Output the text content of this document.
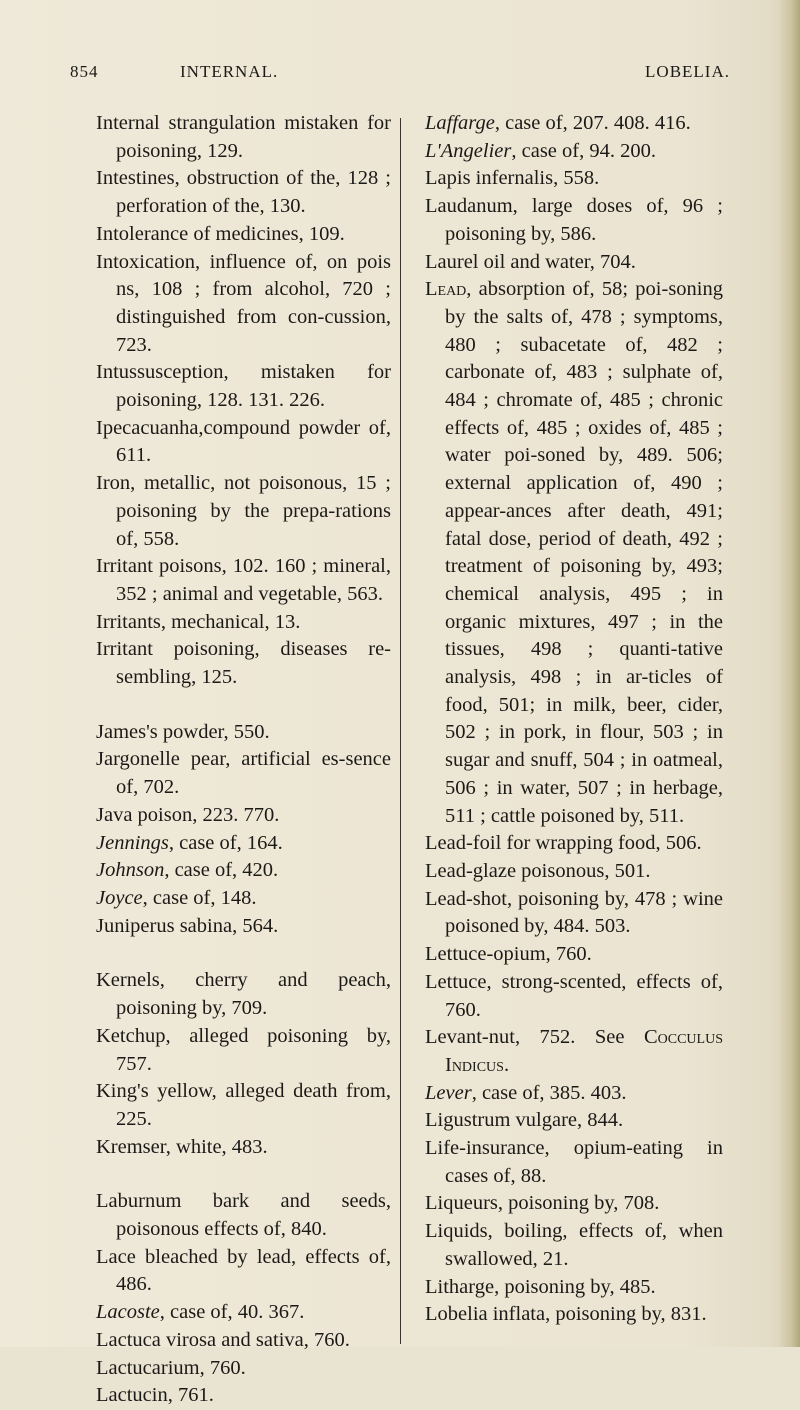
854	INTERNAL.	LOBELIA.
Internal strangulation mistaken for poisoning, 129.
Intestines, obstruction of the, 128 ; perforation of the, 130.
Intolerance of medicines, 109.
Intoxication, influence of, on pois ns, 108 ; from alcohol, 720 ; distinguished from con-cussion, 723.
Intussusception, mistaken for poisoning, 128. 131. 226.
Ipecacuanha,compound powder of, 611.
Iron, metallic, not poisonous, 15 ; poisoning by the prepa-rations of, 558.
Irritant poisons, 102. 160 ; mineral, 352 ; animal and vegetable, 563.
Irritants, mechanical, 13.
Irritant poisoning, diseases re-sembling, 125.
James's powder, 550.
Jargonelle pear, artificial es-sence of, 702.
Java poison, 223. 770.
Jennings, case of, 164.
Johnson, case of, 420.
Joyce, case of, 148.
Juniperus sabina, 564.
Kernels, cherry and peach, poisoning by, 709.
Ketchup, alleged poisoning by, 757.
King's yellow, alleged death from, 225.
Kremser, white, 483.
Laburnum bark and seeds, poisonous effects of, 840.
Lace bleached by lead, effects of, 486.
Lacoste, case of, 40. 367.
Lactuca virosa and sativa, 760.
Lactucarium, 760.
Lactucin, 761.
Laffarge, case of, 207. 408. 416.
L'Angelier, case of, 94. 200.
Lapis infernalis, 558.
Laudanum, large doses of, 96 ; poisoning by, 586.
Laurel oil and water, 704.
Lead, absorption of, 58; poi-soning by the salts of, 478 ; symptoms, 480 ; subacetate of, 482 ; carbonate of, 483 ; sulphate of, 484 ; chromate of, 485 ; chronic effects of, 485 ; oxides of, 485 ; water poi-soned by, 489. 506; external application of, 490 ; appear-ances after death, 491; fatal dose, period of death, 492 ; treatment of poisoning by, 493; chemical analysis, 495 ; in organic mixtures, 497 ; in the tissues, 498 ; quanti-tative analysis, 498 ; in ar-ticles of food, 501; in milk, beer, cider, 502 ; in pork, in flour, 503 ; in sugar and snuff, 504 ; in oatmeal, 506 ; in water, 507 ; in herbage, 511 ; cattle poisoned by, 511.
Lead-foil for wrapping food, 506.
Lead-glaze poisonous, 501.
Lead-shot, poisoning by, 478 ; wine poisoned by, 484. 503.
Lettuce-opium, 760.
Lettuce, strong-scented, effects of, 760.
Levant-nut, 752. See Cocculus Indicus.
Lever, case of, 385. 403.
Ligustrum vulgare, 844.
Life-insurance, opium-eating in cases of, 88.
Liqueurs, poisoning by, 708.
Liquids, boiling, effects of, when swallowed, 21.
Litharge, poisoning by, 485.
Lobelia inflata, poisoning by, 831.
